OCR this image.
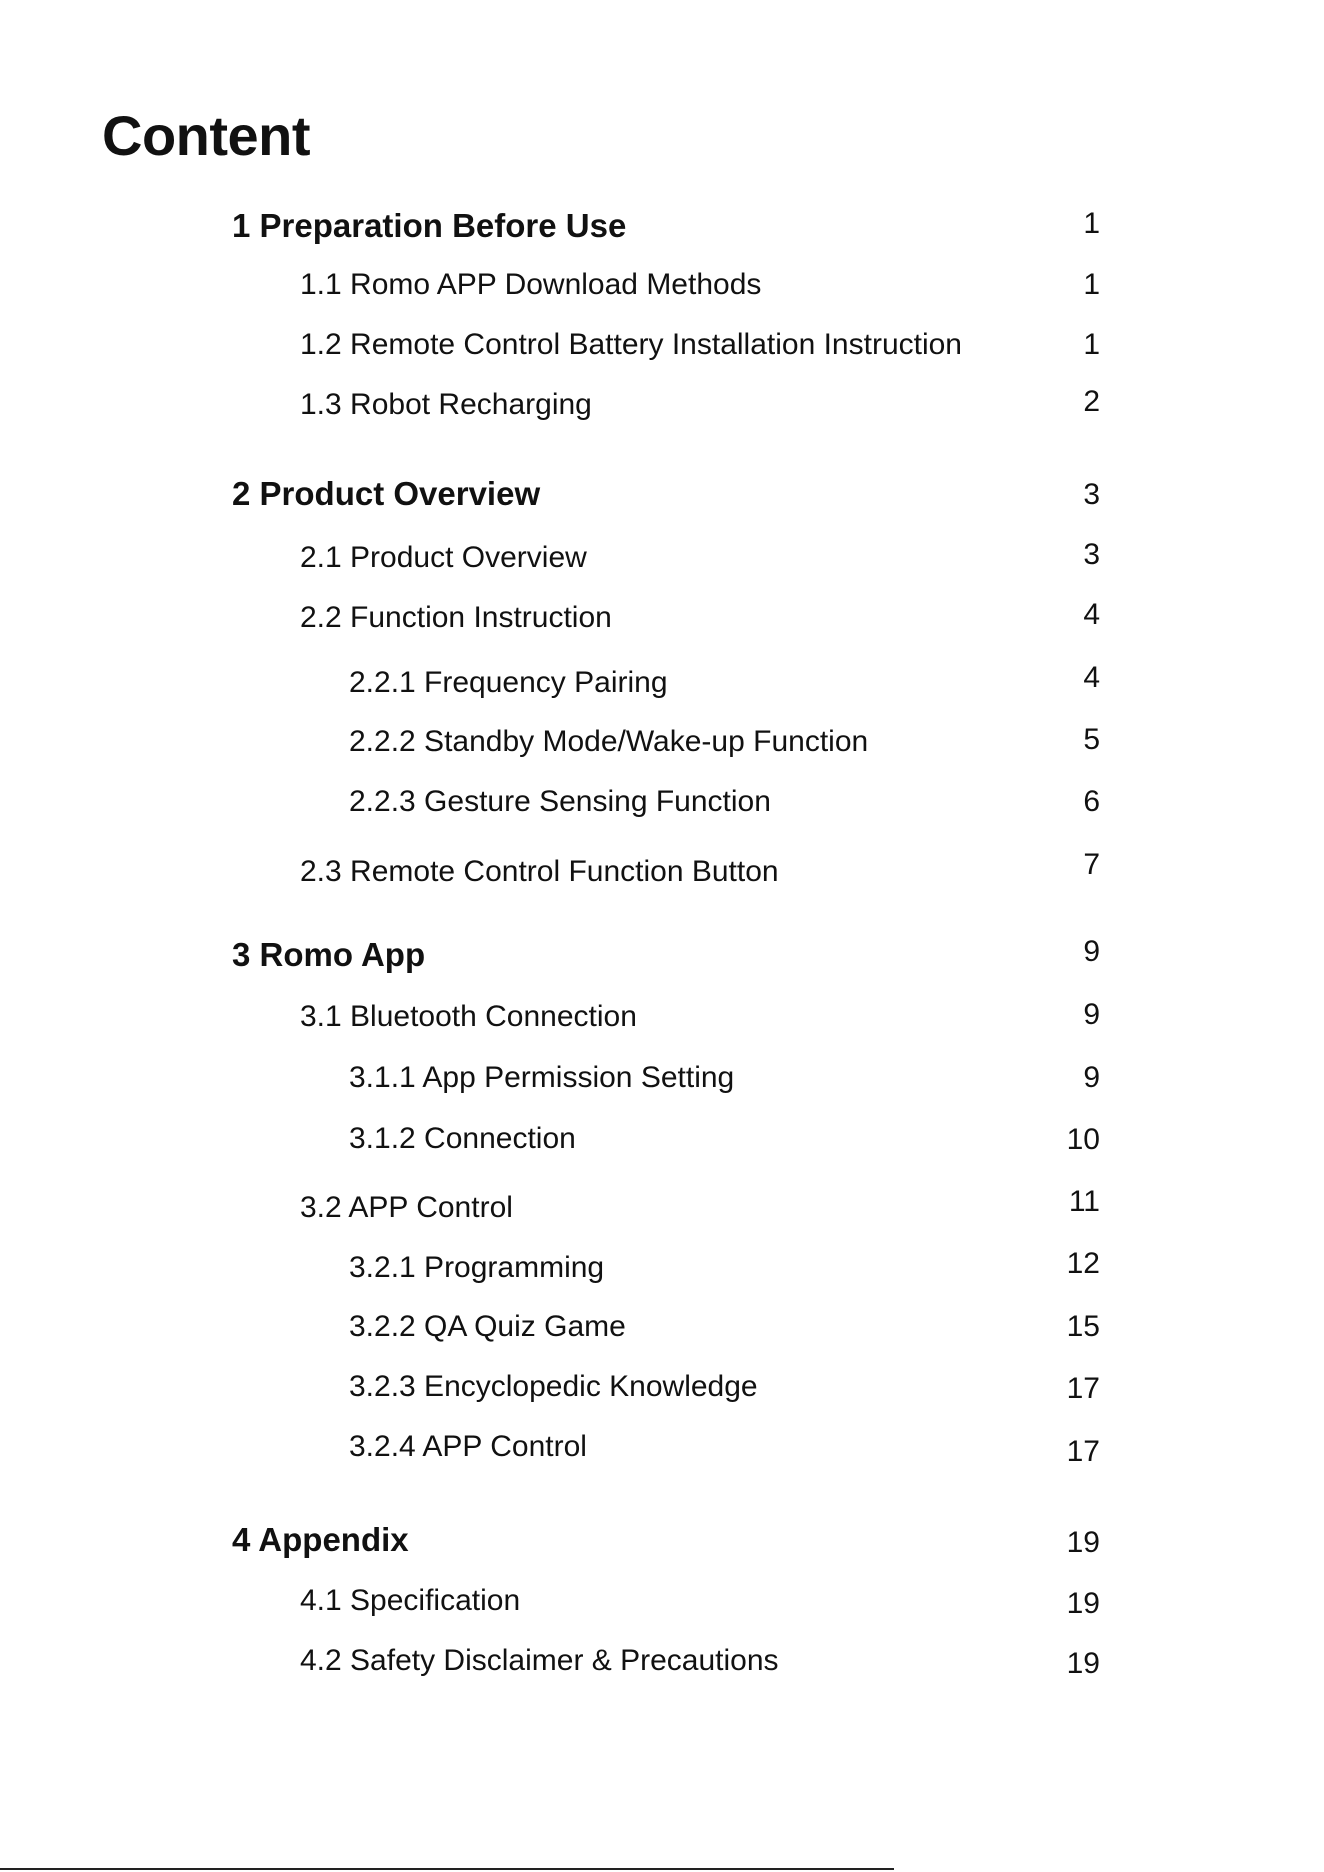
Content
1 Preparation Before Use	1
1.1 Romo APP Download Methods	1
1.2 Remote Control Battery Installation Instruction	1
1.3 Robot Recharging	2
2 Product Overview	3
2.1 Product Overview	3
2.2 Function Instruction	4
2.2.1 Frequency Pairing	4
2.2.2 Standby Mode/Wake-up Function	5
2.2.3 Gesture Sensing Function	6
2.3 Remote Control Function Button	7
3 Romo App	9
3.1 Bluetooth Connection	9
3.1.1 App Permission Setting	9
3.1.2 Connection	10
3.2 APP Control	11
3.2.1 Programming	12
3.2.2 QA Quiz Game	15
3.2.3 Encyclopedic Knowledge	17
3.2.4 APP Control	17
4 Appendix	19
4.1 Specification	19
4.2 Safety Disclaimer & Precautions	19
